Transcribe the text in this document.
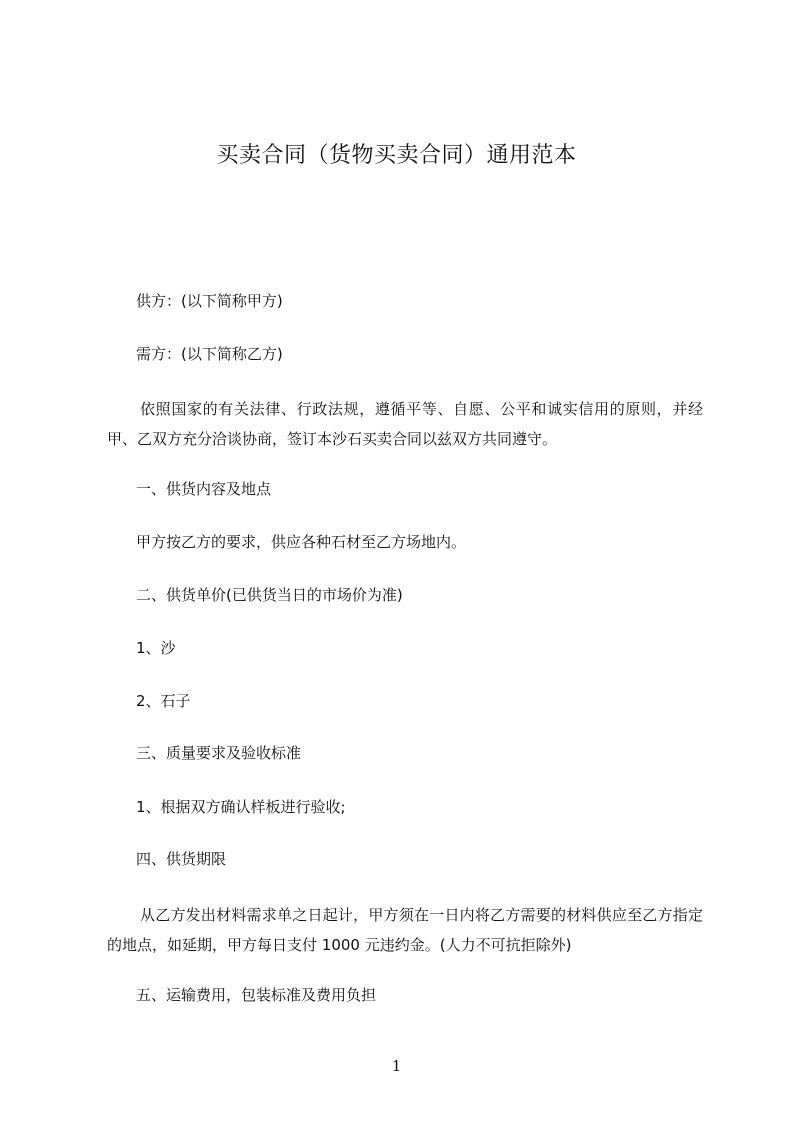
买卖合同（货物买卖合同）通用范本
供方：(以下简称甲方)
需方：(以下简称乙方)
依照国家的有关法律、行政法规，遵循平等、自愿、公平和诚实信用的原则，并经甲、乙双方充分洽谈协商，签订本沙石买卖合同以兹双方共同遵守。
一、供货内容及地点
甲方按乙方的要求，供应各种石材至乙方场地内。
二、供货单价(已供货当日的市场价为准)
1、沙
2、石子
三、质量要求及验收标准
1、根据双方确认样板进行验收;
四、供货期限
从乙方发出材料需求单之日起计，甲方须在一日内将乙方需要的材料供应至乙方指定的地点，如延期，甲方每日支付 1000 元违约金。(人力不可抗拒除外)
五、运输费用，包装标准及费用负担
1
